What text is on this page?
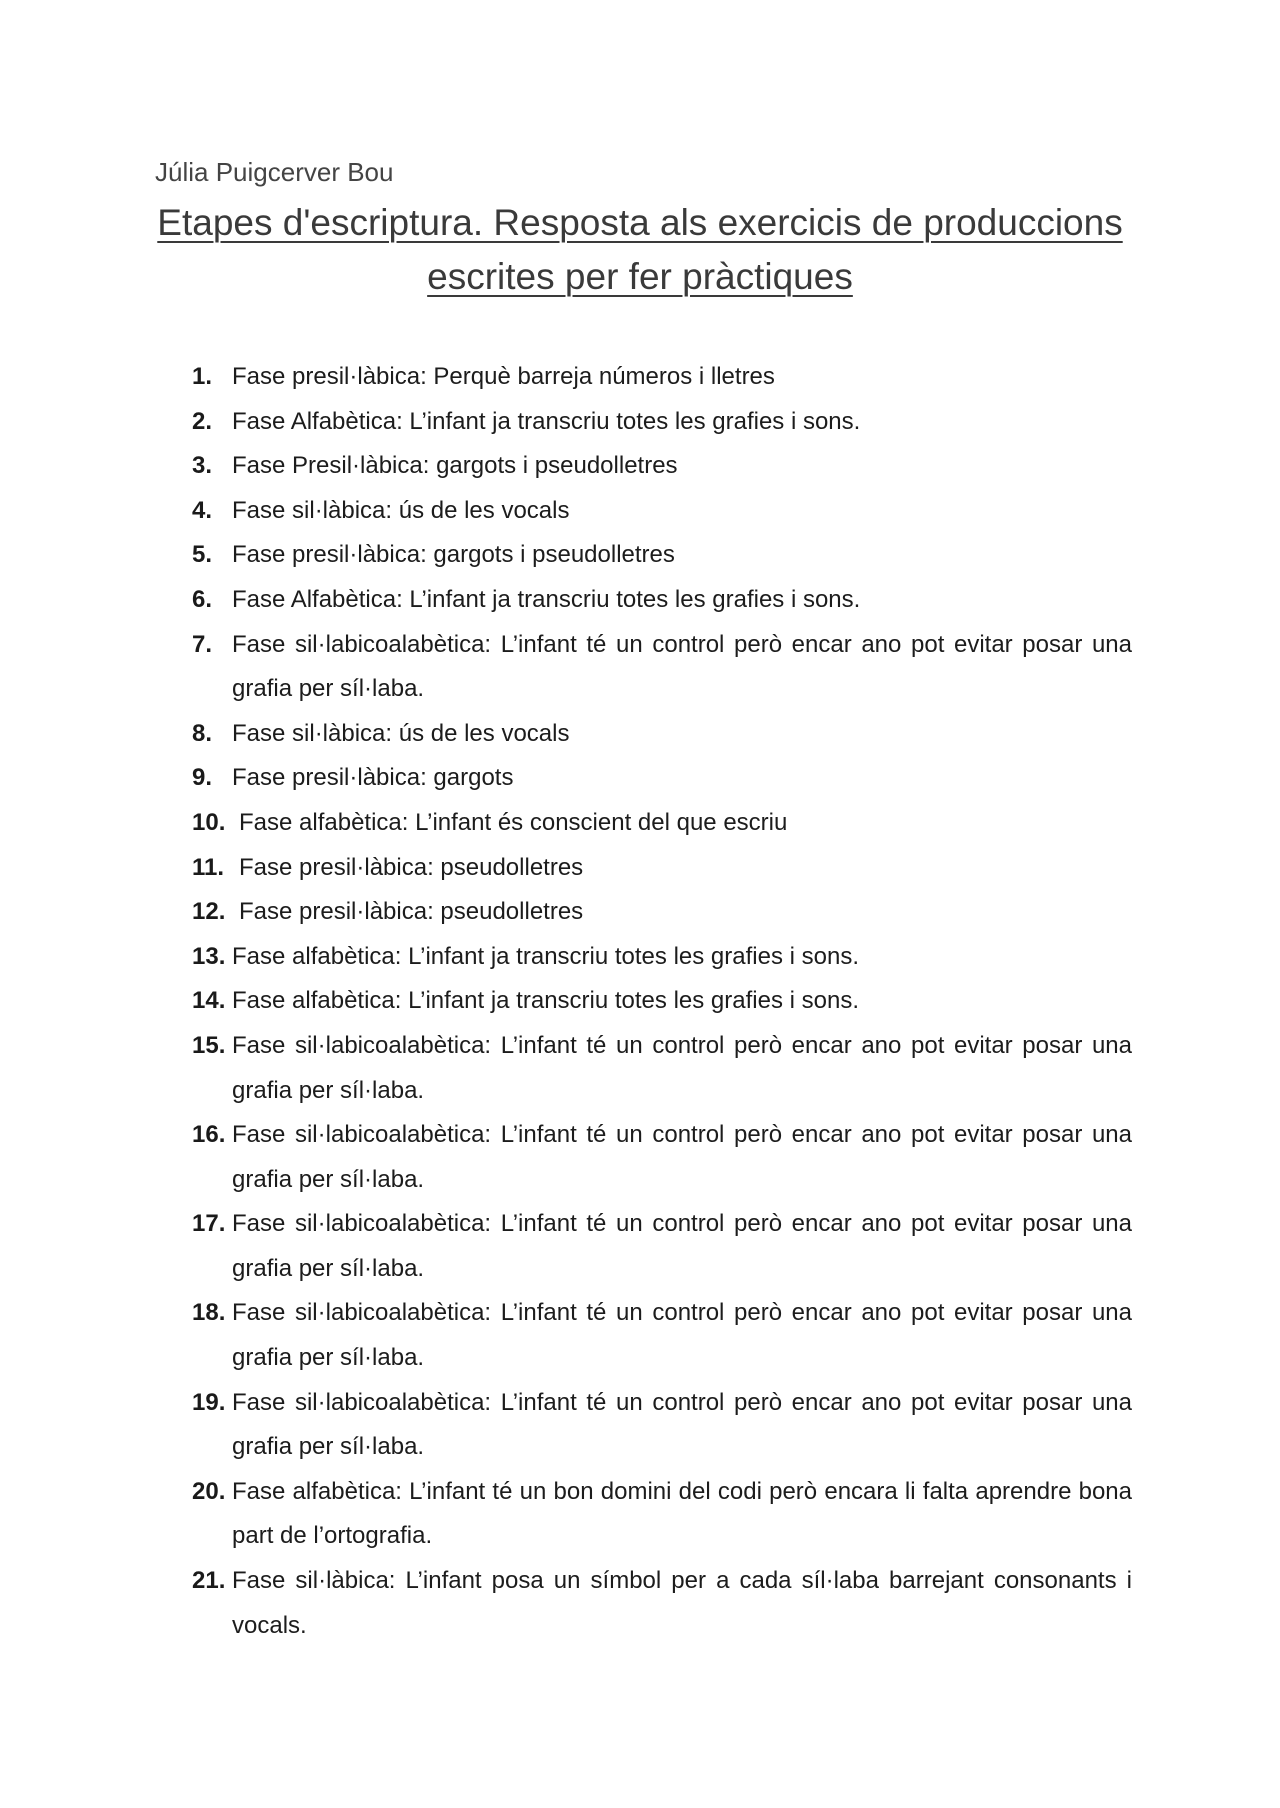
Júlia Puigcerver Bou
Etapes d'escriptura. Resposta als exercicis de produccions
escrites per fer pràctiques
1. Fase presil·làbica: Perquè barreja números i lletres
2. Fase Alfabètica: L’infant ja transcriu totes les grafies i sons.
3. Fase Presil·làbica: gargots i pseudolletres
4. Fase sil·làbica: ús de les vocals
5. Fase presil·làbica: gargots i pseudolletres
6. Fase Alfabètica: L’infant ja transcriu totes les grafies i sons.
7. Fase sil·labicoalabètica: L’infant té un control però encar ano pot evitar posar una grafia per síl·laba.
8. Fase sil·làbica: ús de les vocals
9. Fase presil·làbica: gargots
10. Fase alfabètica: L’infant és conscient del que escriu
11. Fase presil·làbica: pseudolletres
12. Fase presil·làbica: pseudolletres
13. Fase alfabètica: L’infant ja transcriu totes les grafies i sons.
14. Fase alfabètica: L’infant ja transcriu totes les grafies i sons.
15. Fase sil·labicoalabètica: L’infant té un control però encar ano pot evitar posar una grafia per síl·laba.
16. Fase sil·labicoalabètica: L’infant té un control però encar ano pot evitar posar una grafia per síl·laba.
17. Fase sil·labicoalabètica: L’infant té un control però encar ano pot evitar posar una grafia per síl·laba.
18. Fase sil·labicoalabètica: L’infant té un control però encar ano pot evitar posar una grafia per síl·laba.
19. Fase sil·labicoalabètica: L’infant té un control però encar ano pot evitar posar una grafia per síl·laba.
20. Fase alfabètica: L’infant té un bon domini del codi però encara li falta aprendre bona part de l’ortografia.
21. Fase sil·làbica: L’infant posa un símbol per a cada síl·laba barrejant consonants i vocals.
